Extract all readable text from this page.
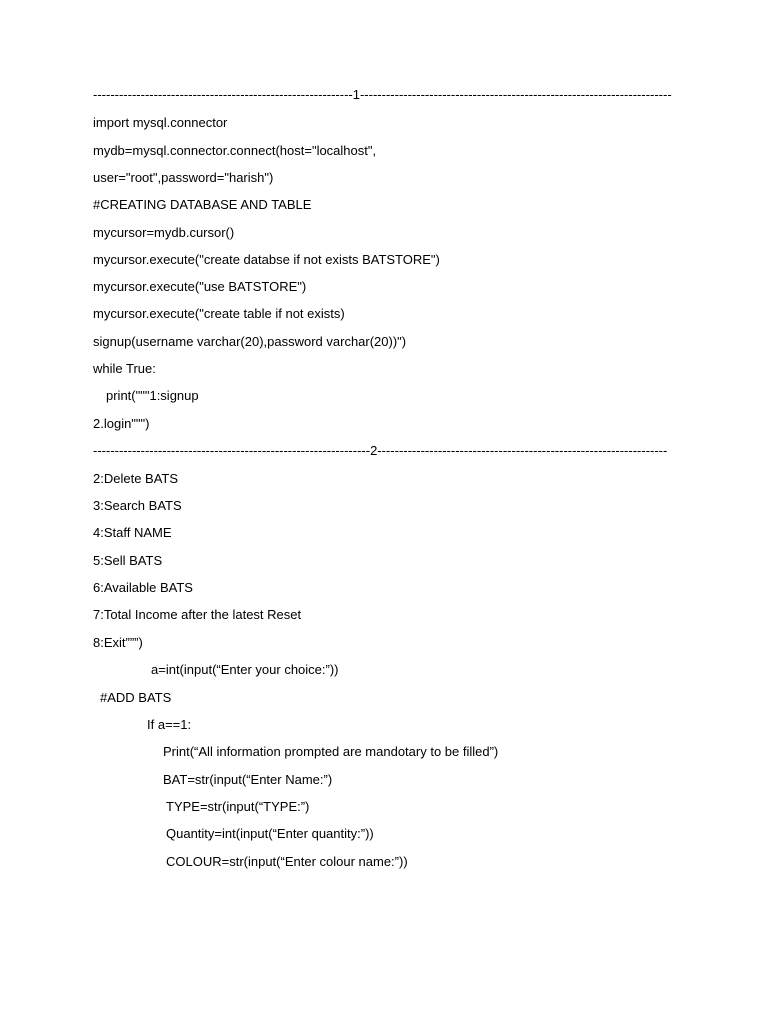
------------------------------------------------------------1------------------------------------------------------------------------
import mysql.connector
mydb=mysql.connector.connect(host="localhost",
user="root",password="harish")
#CREATING DATABASE AND TABLE
mycursor=mydb.cursor()
mycursor.execute("create databse if not exists BATSTORE")
mycursor.execute("use BATSTORE")
mycursor.execute("create table if not exists)
signup(username varchar(20),password varchar(20))")
while True:
print("""1:signup
2.login""")
----------------------------------------------------------------2-------------------------------------------------------------------
2:Delete BATS
3:Search BATS
4:Staff NAME
5:Sell BATS
6:Available BATS
7:Total Income after the latest Reset
8:Exit”””)
a=int(input(“Enter your choice:”))
#ADD BATS
If a==1:
Print(“All information prompted are mandotary to be filled”)
BAT=str(input(“Enter Name:”)
TYPE=str(input(“TYPE:”)
Quantity=int(input(“Enter quantity:”))
COLOUR=str(input(“Enter colour name:”))
